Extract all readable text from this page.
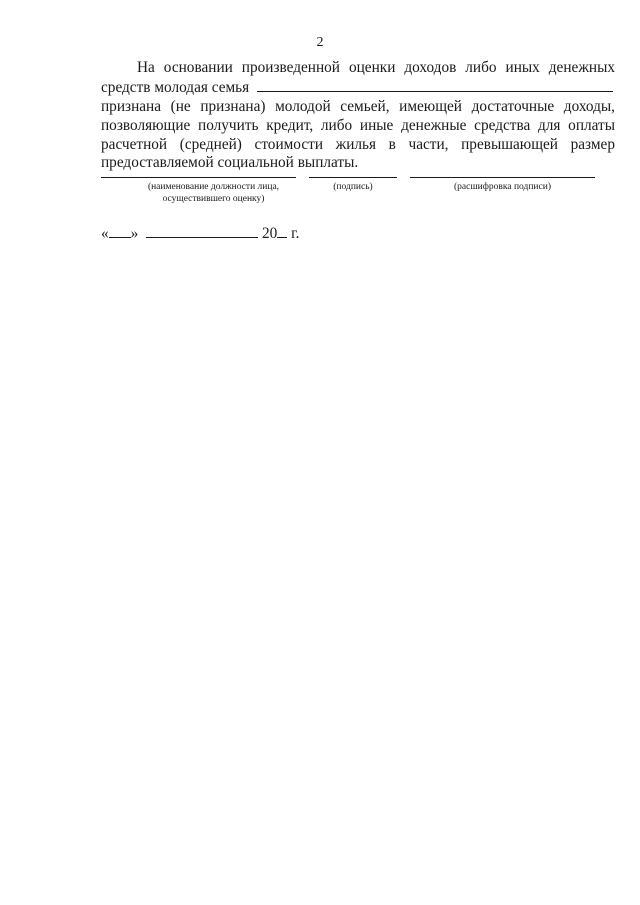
2
На основании произведенной оценки доходов либо иных денежных
средств молодая семья
признана (не признана) молодой семьей, имеющей достаточные доходы,
позволяющие получить кредит, либо иные денежные средства для оплаты
расчетной (средней) стоимости жилья в части, превышающей размер
предоставляемой социальной выплаты.
(наименование должности лица,
осуществившего оценку)
(подпись)	(расшифровка подписи)
« »	20 г.
